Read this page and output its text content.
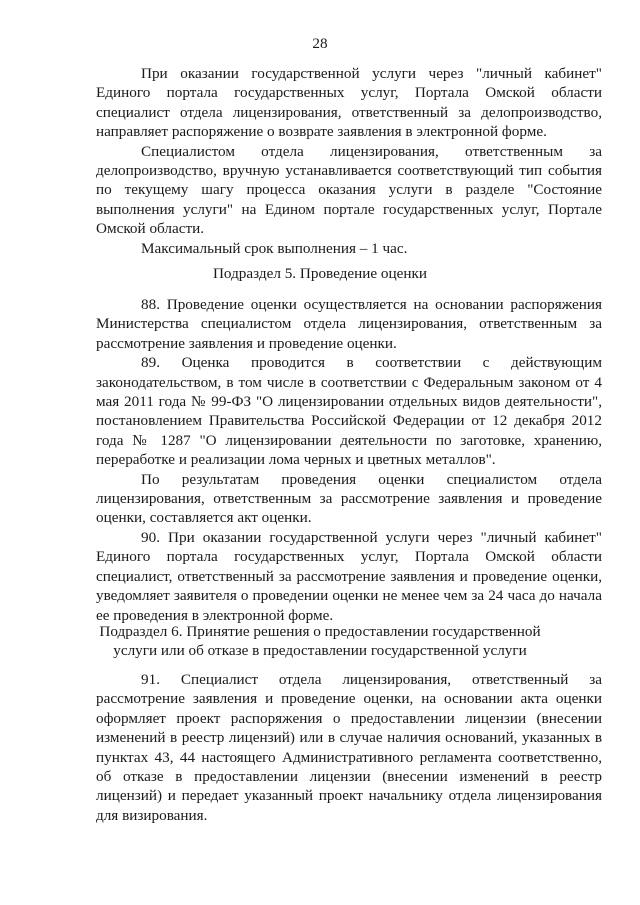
28

При оказании государственной услуги через "личный кабинет" Единого портала государственных услуг, Портала Омской области специалист отдела лицензирования, ответственный за делопроизводство, направляет распоряжение о возврате заявления в электронной форме.

Специалистом отдела лицензирования, ответственным за делопроизводство, вручную устанавливается соответствующий тип события по текущему шагу процесса оказания услуги в разделе "Состояние выполнения услуги" на Едином портале государственных услуг, Портале Омской области.

Максимальный срок выполнения – 1 час.

Подраздел 5. Проведение оценки

88. Проведение оценки осуществляется на основании распоряжения Министерства специалистом отдела лицензирования, ответственным за рассмотрение заявления и проведение оценки.

89. Оценка проводится в соответствии с действующим законодательством, в том числе в соответствии с Федеральным законом от 4 мая 2011 года № 99-ФЗ "О лицензировании отдельных видов деятельности", постановлением Правительства Российской Федерации от 12 декабря 2012 года № 1287 "О лицензировании деятельности по заготовке, хранению, переработке и реализации лома черных и цветных металлов".

По результатам проведения оценки специалистом отдела лицензирования, ответственным за рассмотрение заявления и проведение оценки, составляется акт оценки.

90. При оказании государственной услуги через "личный кабинет" Единого портала государственных услуг, Портала Омской области специалист, ответственный за рассмотрение заявления и проведение оценки, уведомляет заявителя о проведении оценки не менее чем за 24 часа до начала ее проведения в электронной форме.

Подраздел 6. Принятие решения о предоставлении государственной

услуги или об отказе в предоставлении государственной услуги

91. Специалист отдела лицензирования, ответственный за рассмотрение заявления и проведение оценки, на основании акта оценки оформляет проект распоряжения о предоставлении лицензии (внесении изменений в реестр лицензий) или в случае наличия оснований, указанных в пунктах 43, 44 настоящего Административного регламента соответственно, об отказе в предоставлении лицензии (внесении изменений в реестр лицензий) и передает указанный проект начальнику отдела лицензирования для визирования.
